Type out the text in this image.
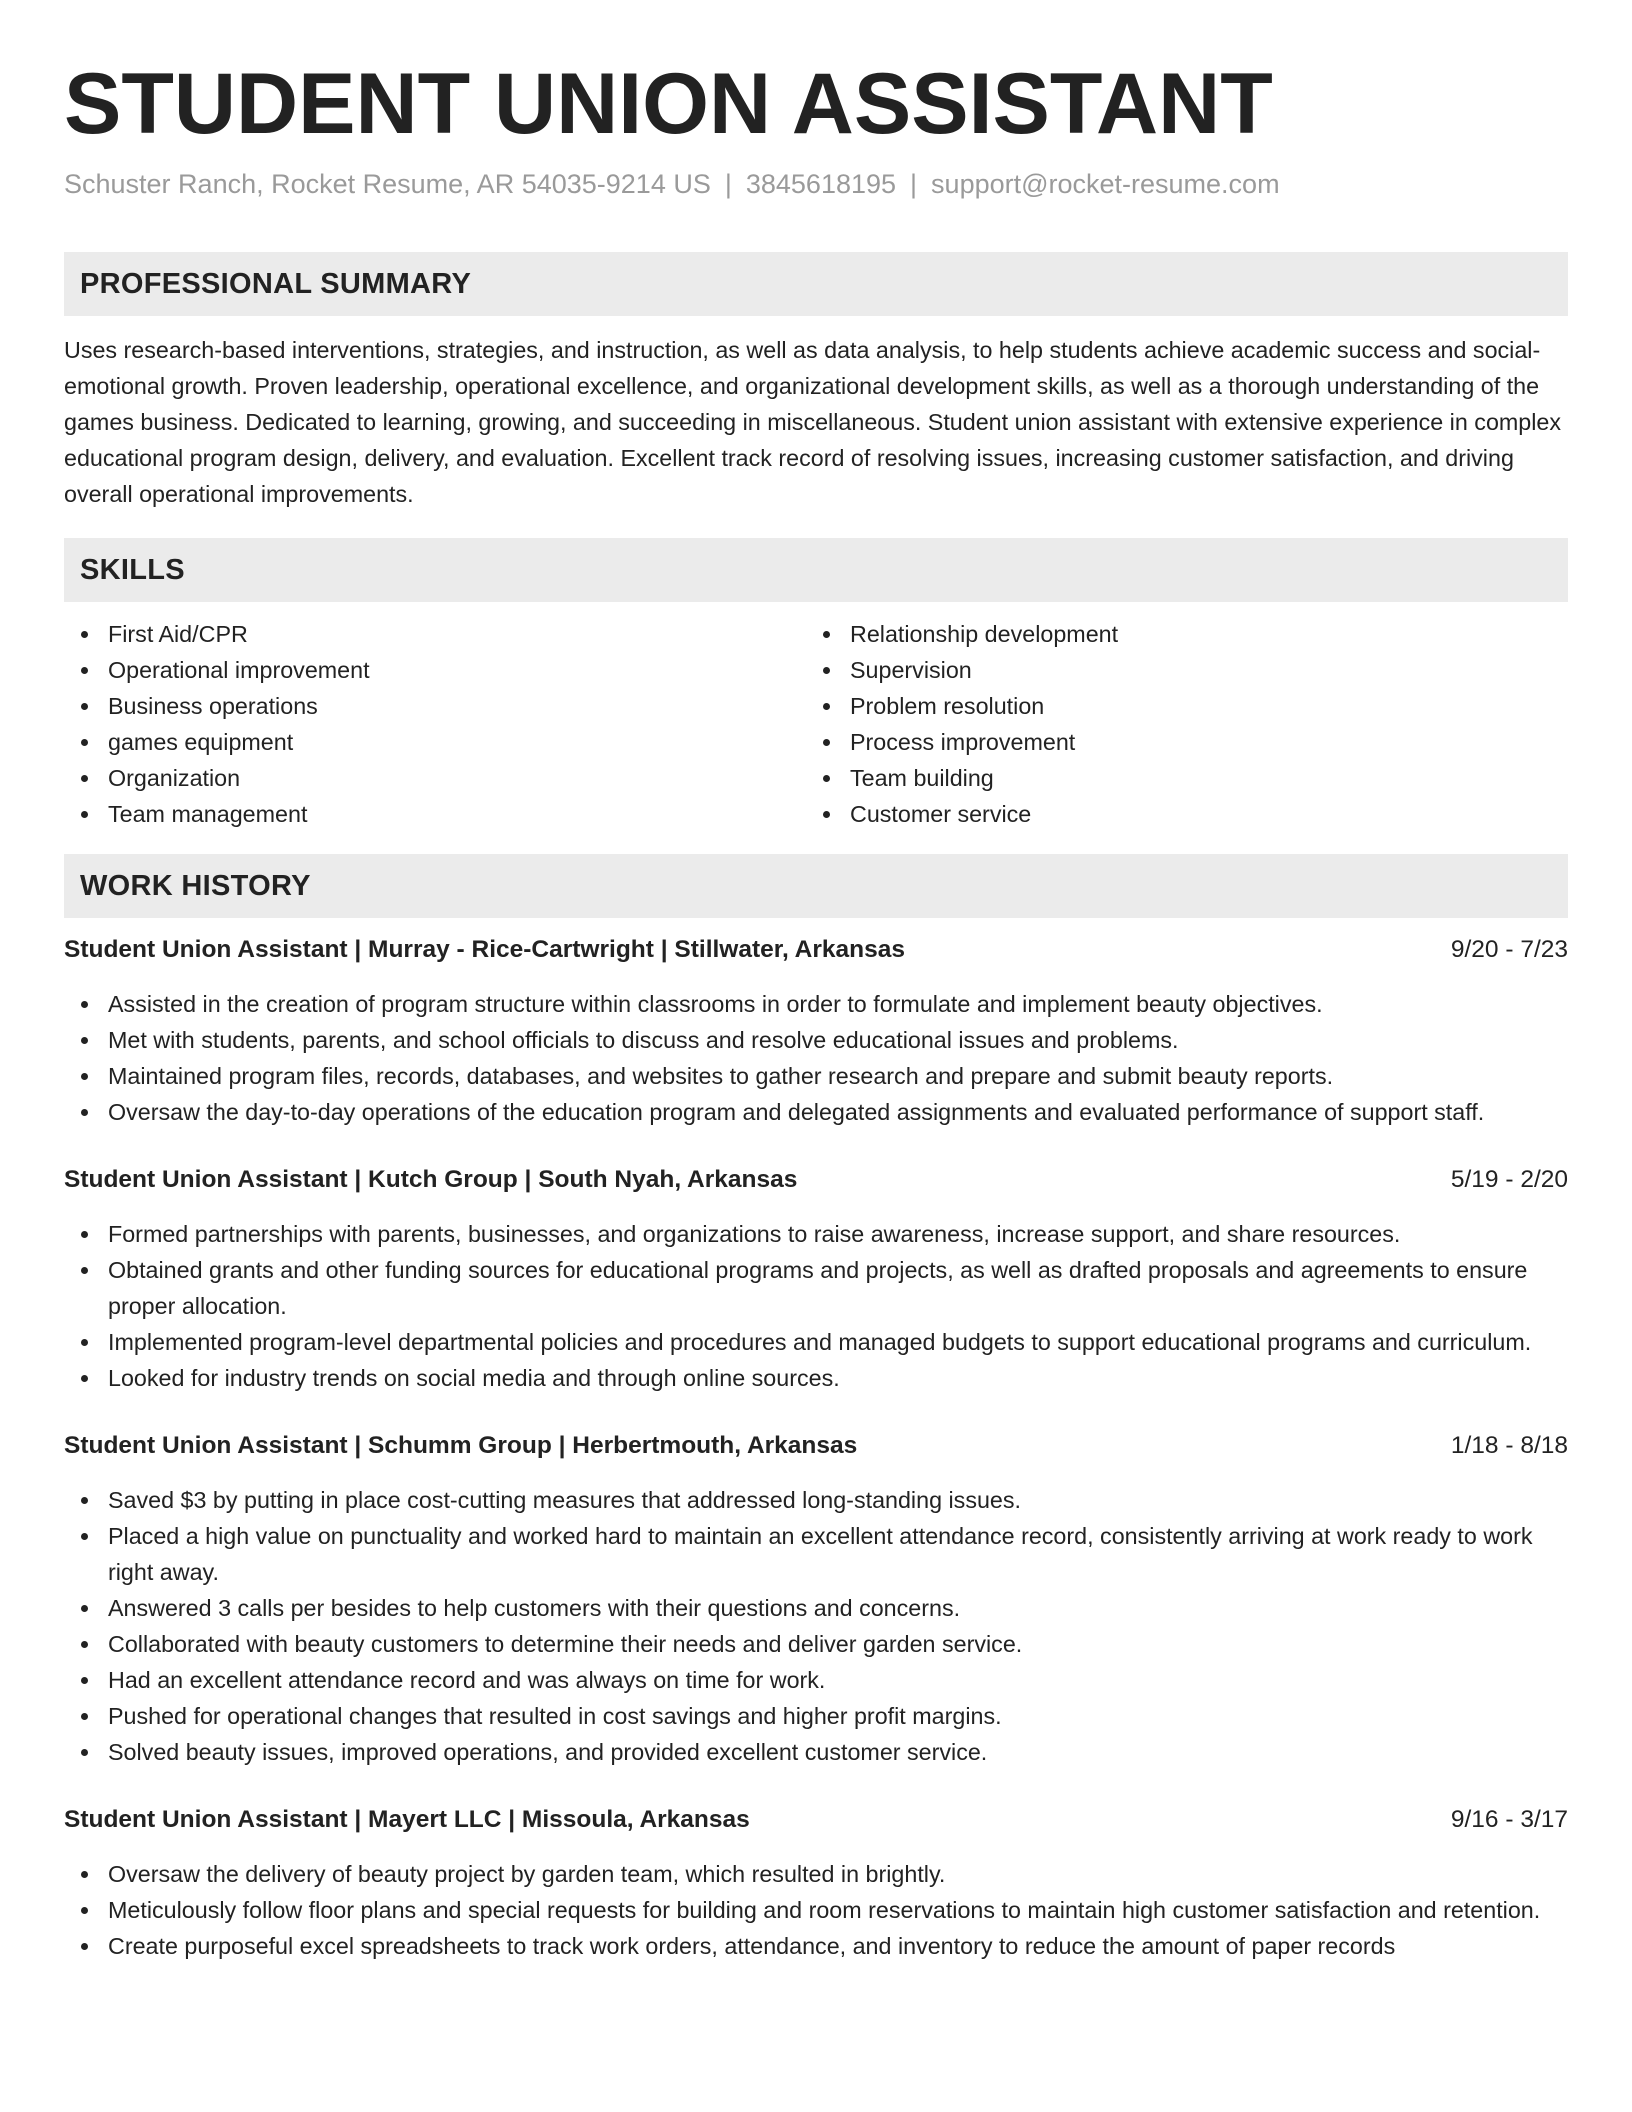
STUDENT UNION ASSISTANT
Schuster Ranch, Rocket Resume, AR 54035-9214 US | 3845618195 | support@rocket-resume.com
PROFESSIONAL SUMMARY
Uses research-based interventions, strategies, and instruction, as well as data analysis, to help students achieve academic success and social-emotional growth. Proven leadership, operational excellence, and organizational development skills, as well as a thorough understanding of the games business. Dedicated to learning, growing, and succeeding in miscellaneous. Student union assistant with extensive experience in complex educational program design, delivery, and evaluation. Excellent track record of resolving issues, increasing customer satisfaction, and driving overall operational improvements.
SKILLS
First Aid/CPR
Operational improvement
Business operations
games equipment
Organization
Team management
Relationship development
Supervision
Problem resolution
Process improvement
Team building
Customer service
WORK HISTORY
Student Union Assistant | Murray - Rice-Cartwright | Stillwater, Arkansas	9/20 - 7/23
Assisted in the creation of program structure within classrooms in order to formulate and implement beauty objectives.
Met with students, parents, and school officials to discuss and resolve educational issues and problems.
Maintained program files, records, databases, and websites to gather research and prepare and submit beauty reports.
Oversaw the day-to-day operations of the education program and delegated assignments and evaluated performance of support staff.
Student Union Assistant | Kutch Group | South Nyah, Arkansas	5/19 - 2/20
Formed partnerships with parents, businesses, and organizations to raise awareness, increase support, and share resources.
Obtained grants and other funding sources for educational programs and projects, as well as drafted proposals and agreements to ensure proper allocation.
Implemented program-level departmental policies and procedures and managed budgets to support educational programs and curriculum.
Looked for industry trends on social media and through online sources.
Student Union Assistant | Schumm Group | Herbertmouth, Arkansas	1/18 - 8/18
Saved $3 by putting in place cost-cutting measures that addressed long-standing issues.
Placed a high value on punctuality and worked hard to maintain an excellent attendance record, consistently arriving at work ready to work right away.
Answered 3 calls per besides to help customers with their questions and concerns.
Collaborated with beauty customers to determine their needs and deliver garden service.
Had an excellent attendance record and was always on time for work.
Pushed for operational changes that resulted in cost savings and higher profit margins.
Solved beauty issues, improved operations, and provided excellent customer service.
Student Union Assistant | Mayert LLC | Missoula, Arkansas	9/16 - 3/17
Oversaw the delivery of beauty project by garden team, which resulted in brightly.
Meticulously follow floor plans and special requests for building and room reservations to maintain high customer satisfaction and retention.
Create purposeful excel spreadsheets to track work orders, attendance, and inventory to reduce the amount of paper records
